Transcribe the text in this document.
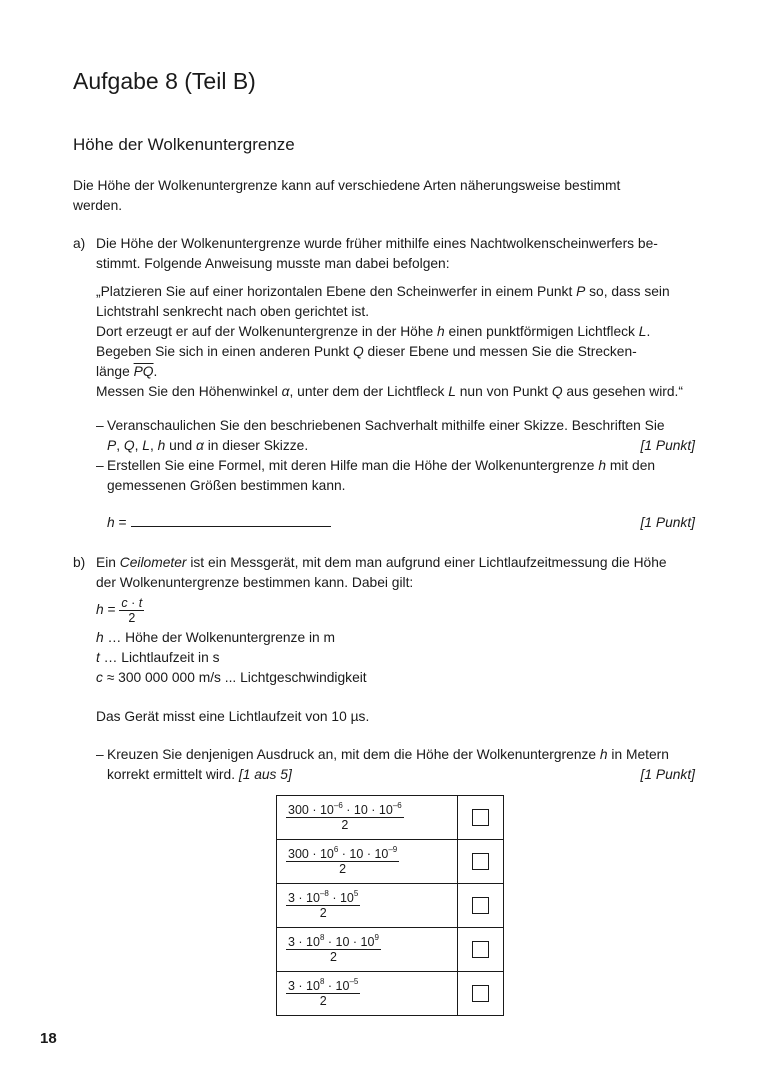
Aufgabe 8 (Teil B)
Höhe der Wolkenuntergrenze
Die Höhe der Wolkenuntergrenze kann auf verschiedene Arten näherungsweise bestimmt
werden.
a) Die Höhe der Wolkenuntergrenze wurde früher mithilfe eines Nachtwolkenscheinwerfers be-
stimmt. Folgende Anweisung musste man dabei befolgen:
„Platzieren Sie auf einer horizontalen Ebene den Scheinwerfer in einem Punkt P so, dass sein
Lichtstrahl senkrecht nach oben gerichtet ist.
Dort erzeugt er auf der Wolkenuntergrenze in der Höhe h einen punktförmigen Lichtfleck L.
Begeben Sie sich in einen anderen Punkt Q dieser Ebene und messen Sie die Strecken-
länge $\overline{PQ}$.
Messen Sie den Höhenwinkel α, unter dem der Lichtfleck L nun von Punkt Q aus gesehen wird.“
– Veranschaulichen Sie den beschriebenen Sachverhalt mithilfe einer Skizze. Beschriften Sie
P, Q, L, h und α in dieser Skizze.	[1 Punkt]
– Erstellen Sie eine Formel, mit deren Hilfe man die Höhe der Wolkenuntergrenze h mit den
gemessenen Größen bestimmen kann.
h =	[1 Punkt]
b) Ein Ceilometer ist ein Messgerät, mit dem man aufgrund einer Lichtlaufzeitmessung die Höhe
der Wolkenuntergrenze bestimmen kann. Dabei gilt:
$h = \frac{c \cdot t}{2}$
h … Höhe der Wolkenuntergrenze in m
t … Lichtlaufzeit in s
c ≈ 300 000 000 m/s ... Lichtgeschwindigkeit
Das Gerät misst eine Lichtlaufzeit von 10 µs.
– Kreuzen Sie denjenigen Ausdruck an, mit dem die Höhe der Wolkenuntergrenze h in Metern
korrekt ermittelt wird. [1 aus 5]	[1 Punkt]
$\frac{300 \cdot 10^{-6} \cdot 10 \cdot 10^{-6}}{2}$

$\frac{300 \cdot 10^6 \cdot 10 \cdot 10^{-9}}{2}$

$\frac{3 \cdot 10^{-8} \cdot 10^5}{2}$

$\frac{3 \cdot 10^8 \cdot 10 \cdot 10^9}{2}$

$\frac{3 \cdot 10^8 \cdot 10^{-5}}{2}$

18
